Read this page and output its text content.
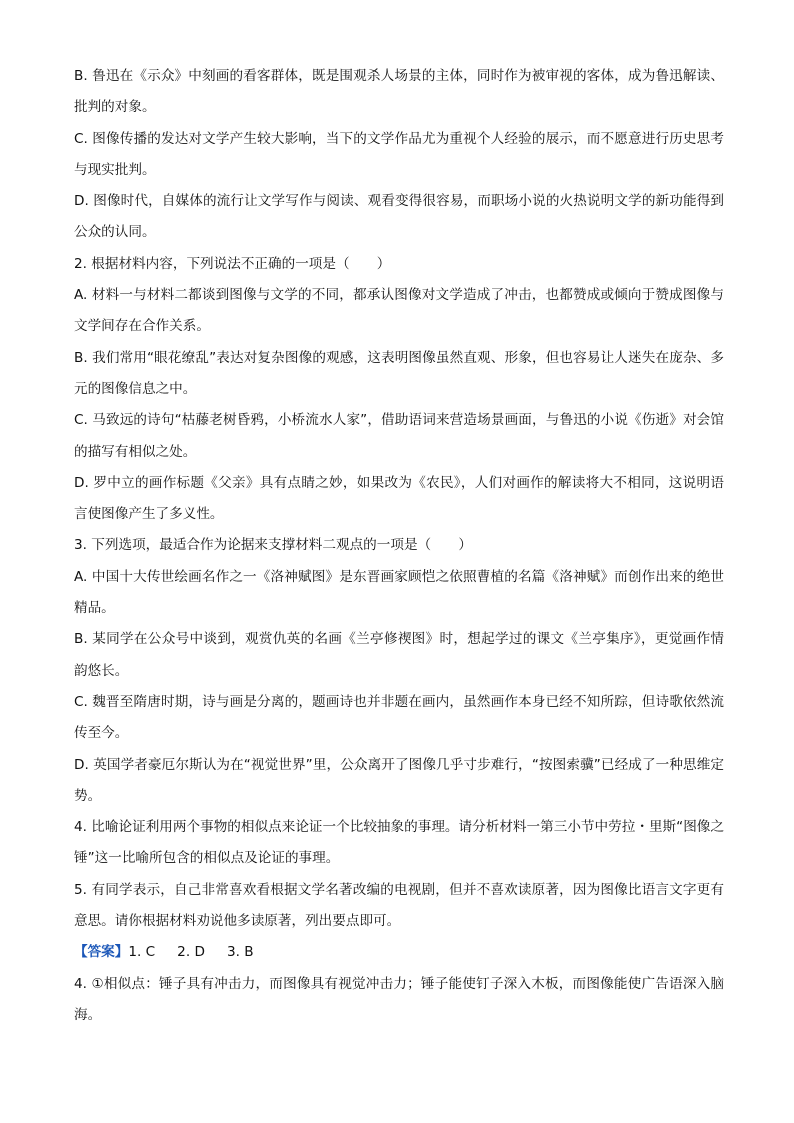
B. 鲁迅在《示众》中刻画的看客群体，既是围观杀人场景的主体，同时作为被审视的客体，成为鲁迅解读、批判的对象。

C. 图像传播的发达对文学产生较大影响，当下的文学作品尤为重视个人经验的展示，而不愿意进行历史思考与现实批判。

D. 图像时代，自媒体的流行让文学写作与阅读、观看变得很容易，而职场小说的火热说明文学的新功能得到公众的认同。

2. 根据材料内容，下列说法不正确的一项是（　　）

A. 材料一与材料二都谈到图像与文学的不同，都承认图像对文学造成了冲击，也都赞成或倾向于赞成图像与文学间存在合作关系。

B. 我们常用“眼花缭乱”表达对复杂图像的观感，这表明图像虽然直观、形象，但也容易让人迷失在庞杂、多元的图像信息之中。

C. 马致远的诗句“枯藤老树昏鸦，小桥流水人家”，借助语词来营造场景画面，与鲁迅的小说《伤逝》对会馆的描写有相似之处。

D. 罗中立的画作标题《父亲》具有点睛之妙，如果改为《农民》，人们对画作的解读将大不相同，这说明语言使图像产生了多义性。

3. 下列选项，最适合作为论据来支撑材料二观点的一项是（　　）

A. 中国十大传世绘画名作之一《洛神赋图》是东晋画家顾恺之依照曹植的名篇《洛神赋》而创作出来的绝世精品。

B. 某同学在公众号中谈到，观赏仇英的名画《兰亭修禊图》时，想起学过的课文《兰亭集序》，更觉画作情韵悠长。

C. 魏晋至隋唐时期，诗与画是分离的，题画诗也并非题在画内，虽然画作本身已经不知所踪，但诗歌依然流传至今。

D. 英国学者豪厄尔斯认为在“视觉世界”里，公众离开了图像几乎寸步难行，“按图索骥”已经成了一种思维定势。

4. 比喻论证利用两个事物的相似点来论证一个比较抽象的事理。请分析材料一第三小节中劳拉・里斯“图像之锤”这一比喻所包含的相似点及论证的事理。

5. 有同学表示，自己非常喜欢看根据文学名著改编的电视剧，但并不喜欢读原著，因为图像比语言文字更有意思。请你根据材料劝说他多读原著，列出要点即可。

【答案】1. C 2. D 3. B

4. ①相似点：锤子具有冲击力，而图像具有视觉冲击力；锤子能使钉子深入木板，而图像能使广告语深入脑海。
